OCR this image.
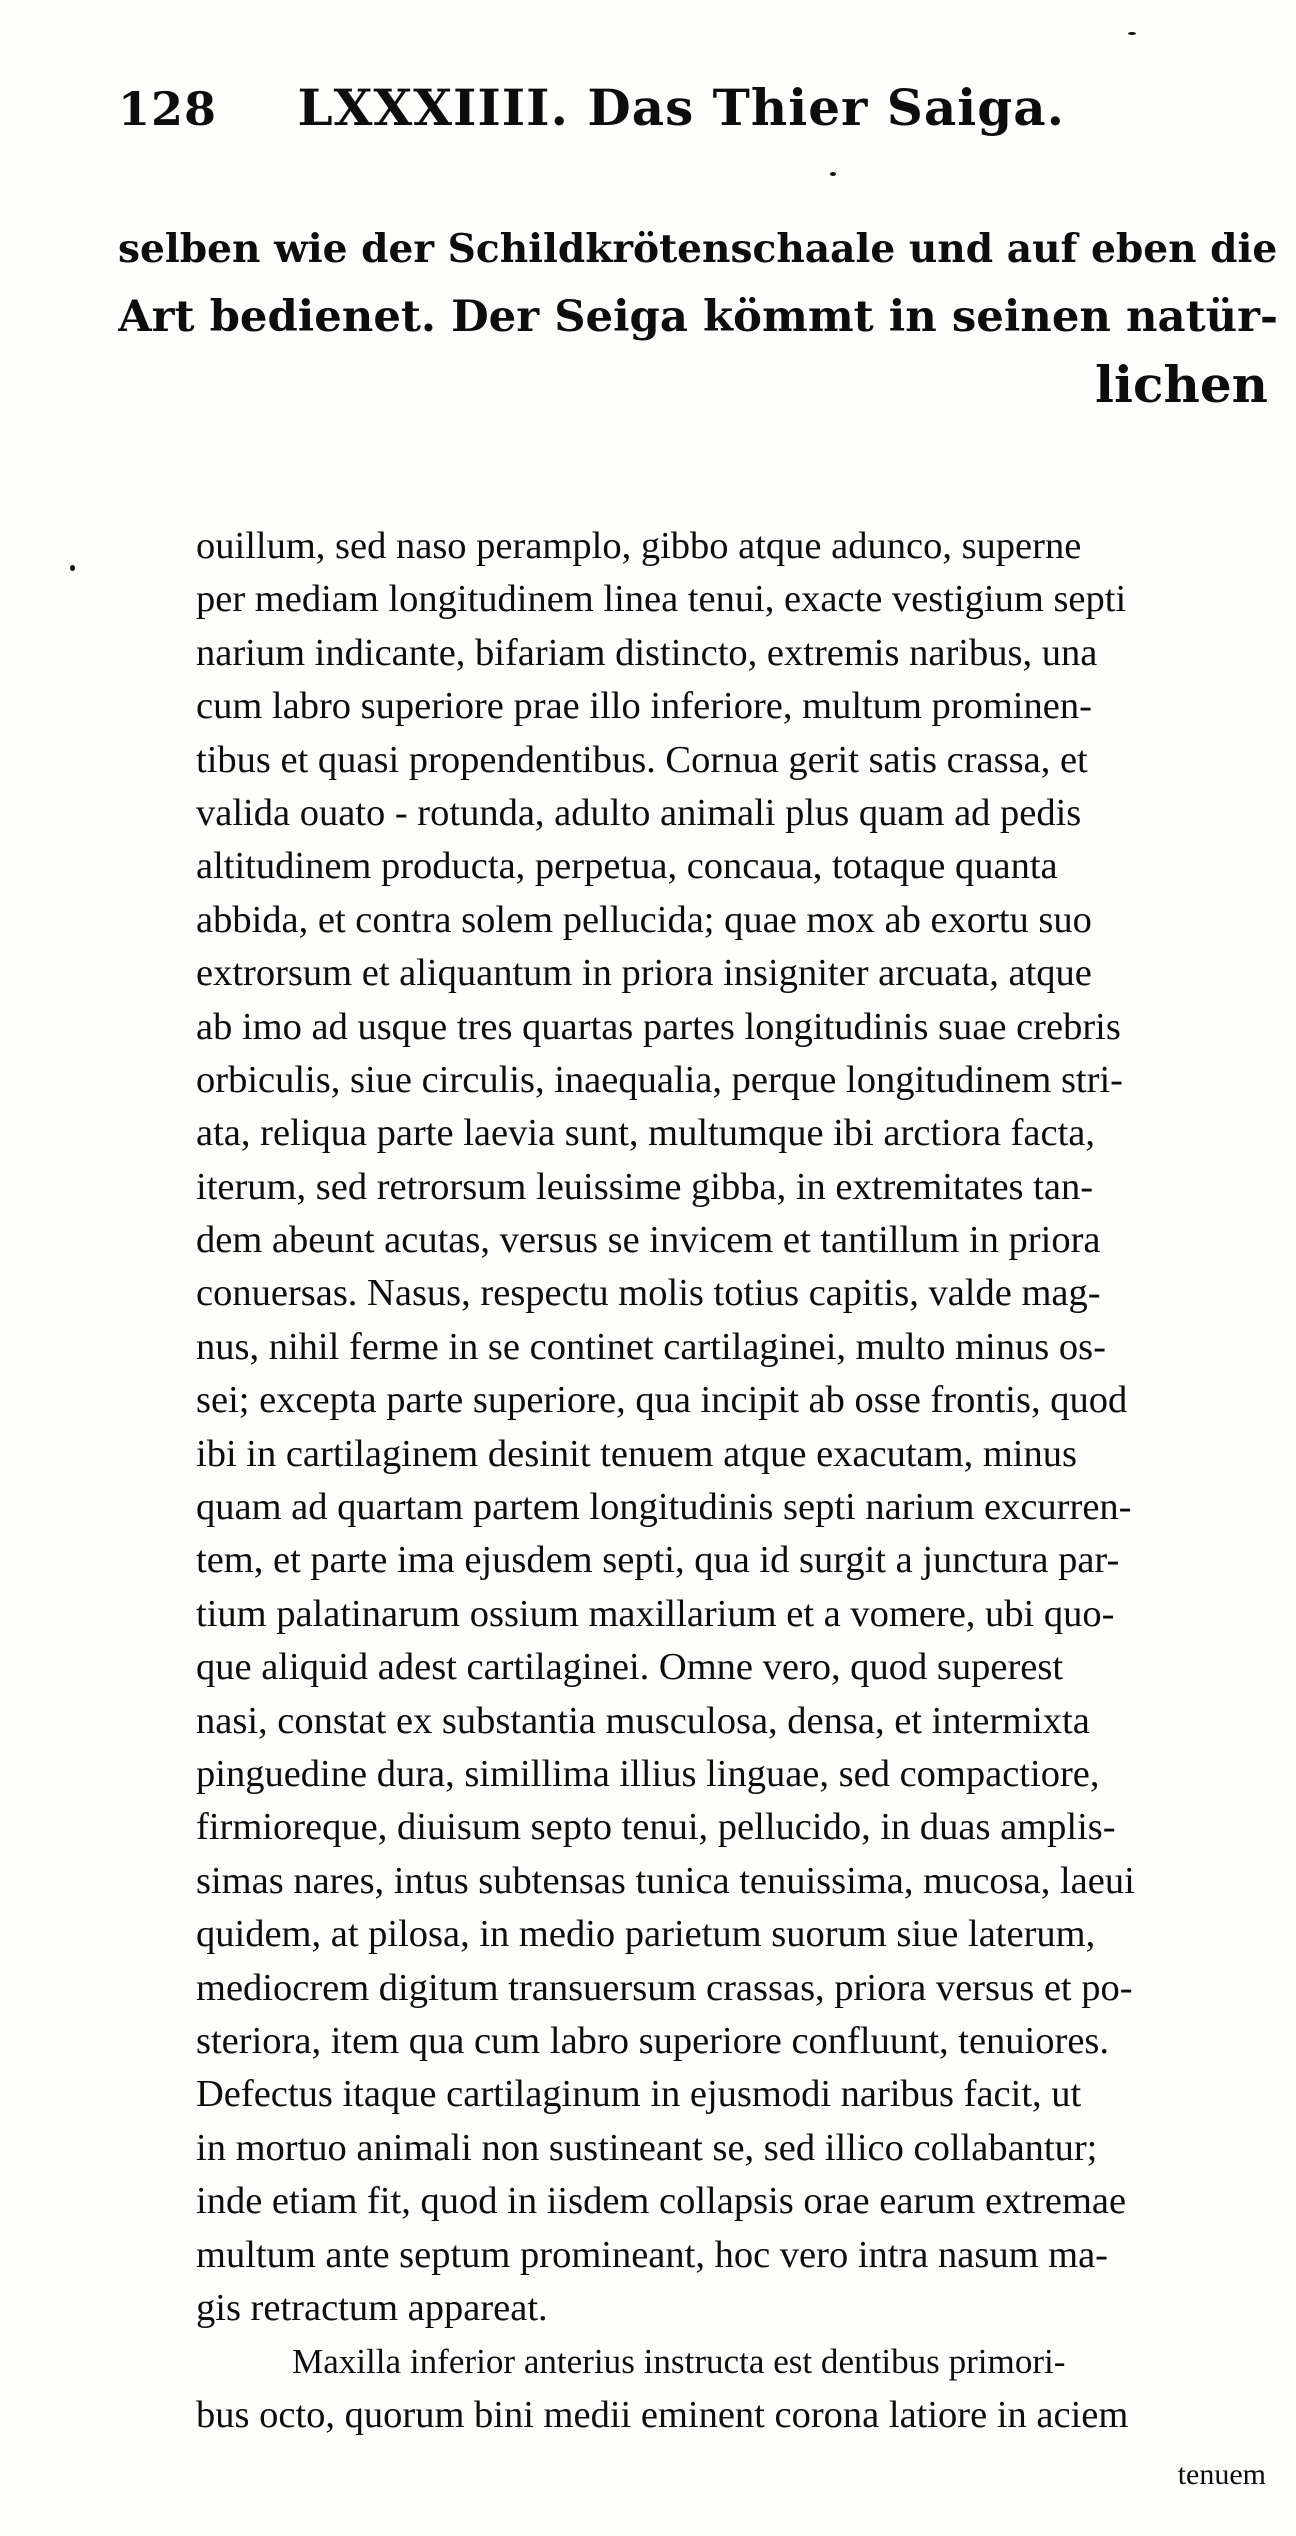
128 LXXXIIII. Das Thier Saiga.
selben wie der Schildkrötenschaale und auf eben die
Art bedienet. Der Seiga kömmt in seinen natür-
lichen
ouillum, sed naso peramplo, gibbo atque adunco, superne
per mediam longitudinem linea tenui, exacte vestigium septi
narium indicante, bifariam distincto, extremis naribus, una
cum labro superiore prae illo inferiore, multum prominen-
tibus et quasi propendentibus. Cornua gerit satis crassa, et
valida ouato - rotunda, adulto animali plus quam ad pedis
altitudinem producta, perpetua, concaua, totaque quanta
abbida, et contra solem pellucida; quae mox ab exortu suo
extrorsum et aliquantum in priora insigniter arcuata, atque
ab imo ad usque tres quartas partes longitudinis suae crebris
orbiculis, siue circulis, inaequalia, perque longitudinem stri-
ata, reliqua parte laevia sunt, multumque ibi arctiora facta,
iterum, sed retrorsum leuissime gibba, in extremitates tan-
dem abeunt acutas, versus se invicem et tantillum in priora
conuersas. Nasus, respectu molis totius capitis, valde mag-
nus, nihil ferme in se continet cartilaginei, multo minus os-
sei; excepta parte superiore, qua incipit ab osse frontis, quod
ibi in cartilaginem desinit tenuem atque exacutam, minus
quam ad quartam partem longitudinis septi narium excurren-
tem, et parte ima ejusdem septi, qua id surgit a junctura par-
tium palatinarum ossium maxillarium et a vomere, ubi quo-
que aliquid adest cartilaginei. Omne vero, quod superest
nasi, constat ex substantia musculosa, densa, et intermixta
pinguedine dura, simillima illius linguae, sed compactiore,
firmioreque, diuisum septo tenui, pellucido, in duas amplis-
simas nares, intus subtensas tunica tenuissima, mucosa, laeui
quidem, at pilosa, in medio parietum suorum siue laterum,
mediocrem digitum transuersum crassas, priora versus et po-
steriora, item qua cum labro superiore confluunt, tenuiores.
Defectus itaque cartilaginum in ejusmodi naribus facit, ut
in mortuo animali non sustineant se, sed illico collabantur;
inde etiam fit, quod in iisdem collapsis orae earum extremae
multum ante septum promineant, hoc vero intra nasum ma-
gis retractum appareat.
Maxilla inferior anterius instructa est dentibus primori-
bus octo, quorum bini medii eminent corona latiore in aciem
tenuem
